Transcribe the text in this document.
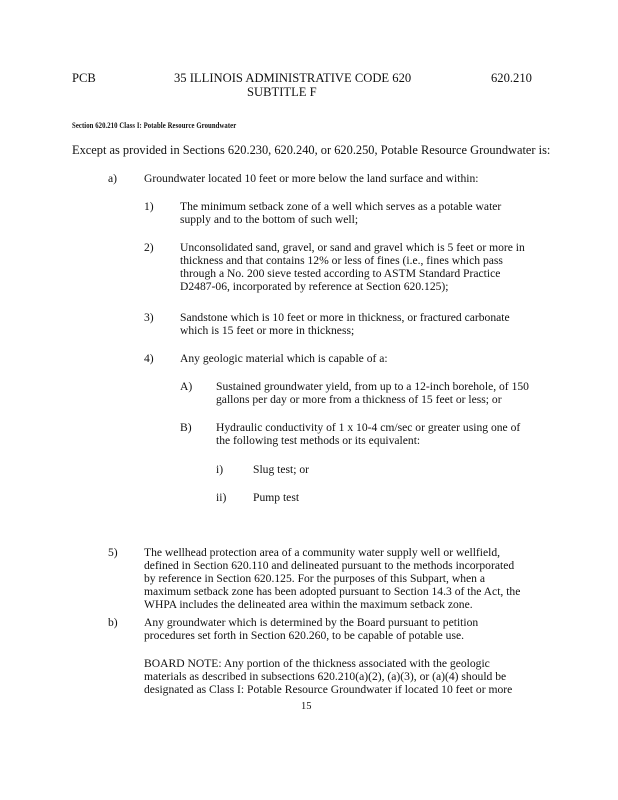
PCB	35 ILLINOIS ADMINISTRATIVE CODE 620
SUBTITLE F
620.210
Section 620.210 Class I: Potable Resource Groundwater
Except as provided in Sections 620.230, 620.240, or 620.250, Potable Resource Groundwater is:
a) Groundwater located 10 feet or more below the land surface and within:
1) The minimum setback zone of a well which serves as a potable water
supply and to the bottom of such well;
2) Unconsolidated sand, gravel, or sand and gravel which is 5 feet or more in
thickness and that contains 12% or less of fines (i.e., fines which pass
through a No. 200 sieve tested according to ASTM Standard Practice
D2487-06, incorporated by reference at Section 620.125);
3) Sandstone which is 10 feet or more in thickness, or fractured carbonate
which is 15 feet or more in thickness;
4) Any geologic material which is capable of a:
A) Sustained groundwater yield, from up to a 12-inch borehole, of 150
gallons per day or more from a thickness of 15 feet or less; or
B) Hydraulic conductivity of 1 x 10-4 cm/sec or greater using one of
the following test methods or its equivalent:
i)	Slug test; or
ii) Pump test
5) The wellhead protection area of a community water supply well or wellfield,
defined in Section 620.110 and delineated pursuant to the methods incorporated
by reference in Section 620.125. For the purposes of this Subpart, when a
maximum setback zone has been adopted pursuant to Section 14.3 of the Act, the
WHPA includes the delineated area within the maximum setback zone.
b) Any groundwater which is determined by the Board pursuant to petition
procedures set forth in Section 620.260, to be capable of potable use.
BOARD NOTE: Any portion of the thickness associated with the geologic
materials as described in subsections 620.210(a)(2), (a)(3), or (a)(4) should be
designated as Class I: Potable Resource Groundwater if located 10 feet or more
15
